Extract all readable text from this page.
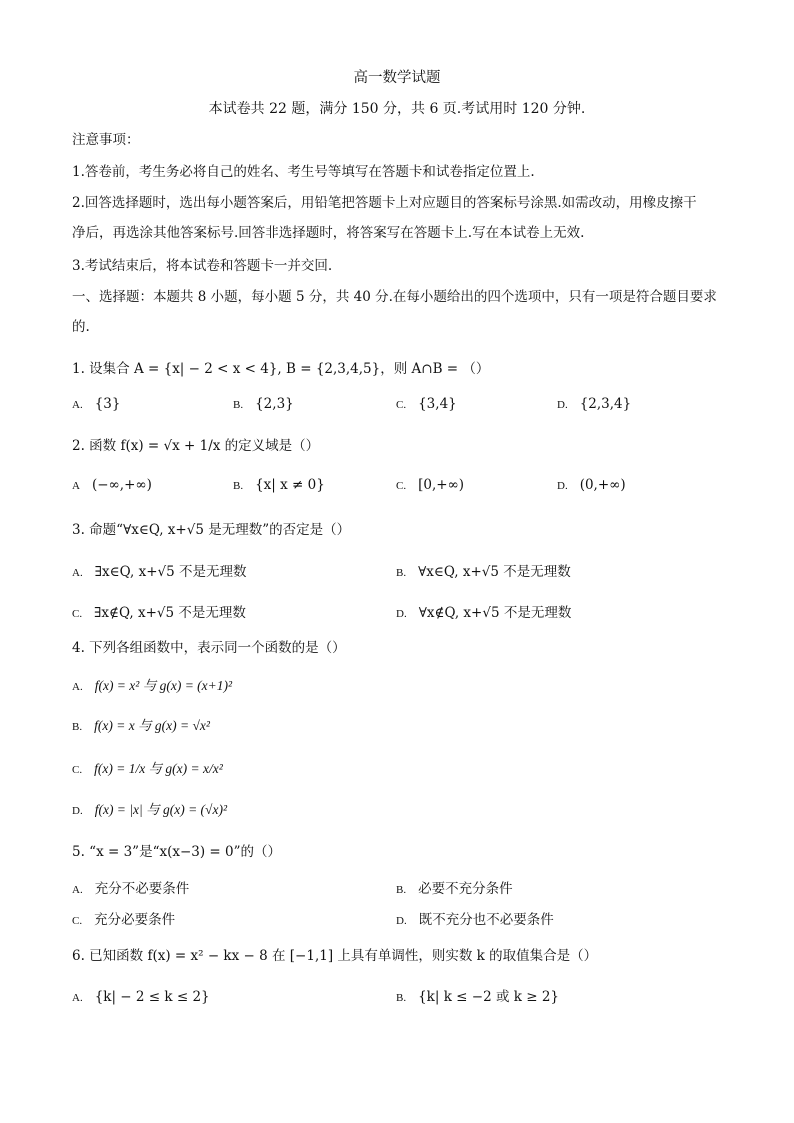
高一数学试题
本试卷共 22 题，满分 150 分，共 6 页.考试用时 120 分钟.
注意事项：
1.答卷前，考生务必将自己的姓名、考生号等填写在答题卡和试卷指定位置上.
2.回答选择题时，选出每小题答案后，用铅笔把答题卡上对应题目的答案标号涂黑.如需改动，用橡皮擦干
净后，再选涂其他答案标号.回答非选择题时，将答案写在答题卡上.写在本试卷上无效.
3.考试结束后，将本试卷和答题卡一并交回.
一、选择题：本题共 8 小题，每小题 5 分，共 40 分.在每小题给出的四个选项中，只有一项是符合题目要求
的.
1. 设集合 A = {x| − 2 < x < 4}, B = {2,3,4,5}，则 A∩B = （）
A. {3}	B. {2,3}	C. {3,4}	D. {2,3,4}
2. 函数 f(x) = √x + 1/x 的定义域是（）
A (−∞,+∞)	B. {x| x ≠ 0}	C. [0,+∞)	D. (0,+∞)
3. 命题“∀x∈Q, x+√5 是无理数”的否定是（）
A. ∃x∈Q, x+√5 不是无理数	B. ∀x∈Q, x+√5 不是无理数
C. ∃x∉Q, x+√5 不是无理数	D. ∀x∉Q, x+√5 不是无理数
4. 下列各组函数中，表示同一个函数的是（）
A. f(x) = x² 与 g(x) = (x+1)²
B. f(x) = x 与 g(x) = √x²
C. f(x) = 1/x 与 g(x) = x/x²
D. f(x) = |x| 与 g(x) = (√x)²
5. “x = 3”是“x(x−3) = 0”的（）
A. 充分不必要条件	B. 必要不充分条件
C. 充分必要条件	D. 既不充分也不必要条件
6. 已知函数 f(x) = x² − kx − 8 在 [−1,1] 上具有单调性，则实数 k 的取值集合是（）
A. {k| − 2 ≤ k ≤ 2}	B. {k| k ≤ −2 或 k ≥ 2}
